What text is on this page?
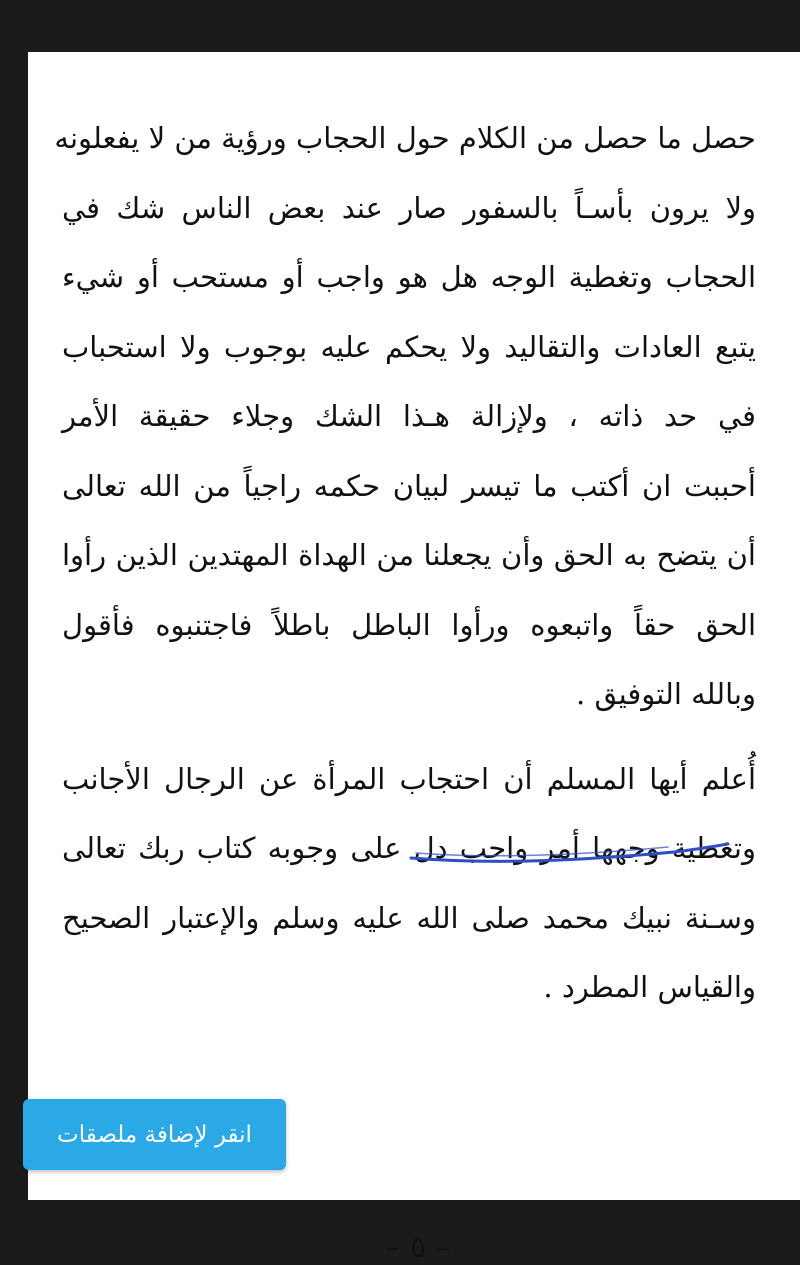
حصل ما حصل من الكلام حول الحجاب ورؤية من لا يفعلونه
ولا يرون بأسـاً بالسفور صار عند بعض الناس شك في
الحجاب وتغطية الوجه هل هو واجب أو مستحب أو شيء
يتبع العادات والتقاليد ولا يحكم عليه بوجوب ولا استحباب
في حد ذاته ، ولإزالة هـذا الشك وجلاء حقيقة الأمر
أحببت ان أكتب ما تيسر لبيان حكمه راجياً من الله تعالى
أن يتضح به الحق وأن يجعلنا من الهداة المهتدين الذين رأوا
الحق حقاً واتبعوه ورأوا الباطل باطلاً فاجتنبوه فأقول
وبالله التوفيق .
أُعلم أيها المسلم أن احتجاب المرأة عن الرجال الأجانب
وتغطية وجهها أمر واجب دل على وجوبه كتاب ربك تعالى
وسـنة نبيك محمد صلى الله عليه وسلم والإعتبار الصحيح
والقياس المطرد .
– ٥ –
انقر لإضافة ملصقات
